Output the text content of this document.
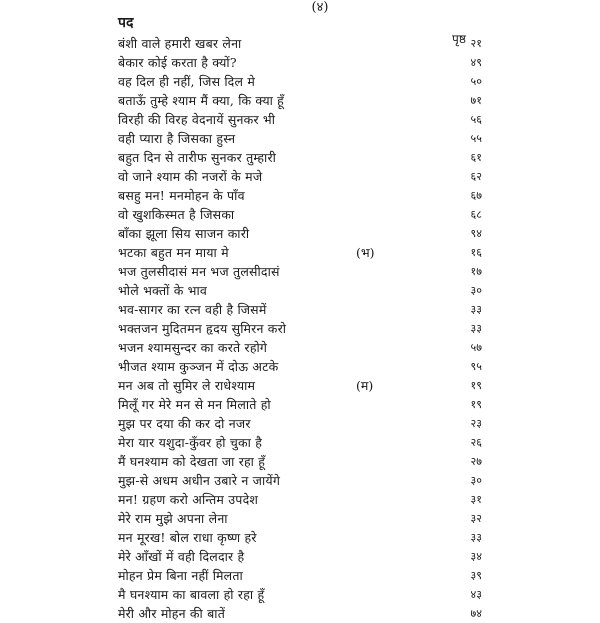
(४)
पद
पृष्ठ
बंशी वाले हमारी खबर लेना	२१
बेकार कोई करता है क्यों?	४९
वह दिल ही नहीं, जिस दिल मे	५०
बताऊँ तुम्हे श्याम मैं क्या, कि क्या हूँ	७१
विरही की विरह वेदनायें सुनकर भी	५६
वही प्यारा है जिसका हुस्न	५५
बहुत दिन से तारीफ सुनकर तुम्हारी	६१
वो जाने श्याम की नजरों के मजे	६२
बसहु मन! मनमोहन के पाँव	६७
वो खुशकिस्मत है जिसका	६८
बाँका झूला सिय साजन कारी	९४
भटका बहुत मन माया मे	(भ)	१६
भज तुलसीदासं मन भज तुलसीदासं	१७
भोले भक्तों के भाव	३०
भव-सागर का रत्न वही है जिसमें	३३
भक्तजन मुदितमन हृदय सुमिरन करो	३३
भजन श्यामसुन्दर का करते रहोगे	५७
भीजत श्याम कुञ्जन में दोऊ अटके	९५
मन अब तो सुमिर ले राधेश्याम	(म)	१९
मिलूँ गर मेरे मन से मन मिलाते हो	१९
मुझ पर दया की कर दो नजर	२३
मेरा यार यशुदा-कुँवर हो चुका है	२६
मैं घनश्याम को देखता जा रहा हूँ	२७
मुझ-से अधम अधीन उबारे न जायेंगे	३०
मन! ग्रहण करो अन्तिम उपदेश	३१
मेरे राम मुझे अपना लेना	३२
मन मूरख! बोल राधा कृष्ण हरे	३३
मेरे आँखों में वही दिलदार है	३४
मोहन प्रेम बिना नहीं मिलता	३९
मै घनश्याम का बावला हो रहा हूँ	४३
मेरी और मोहन की बातें	७४
